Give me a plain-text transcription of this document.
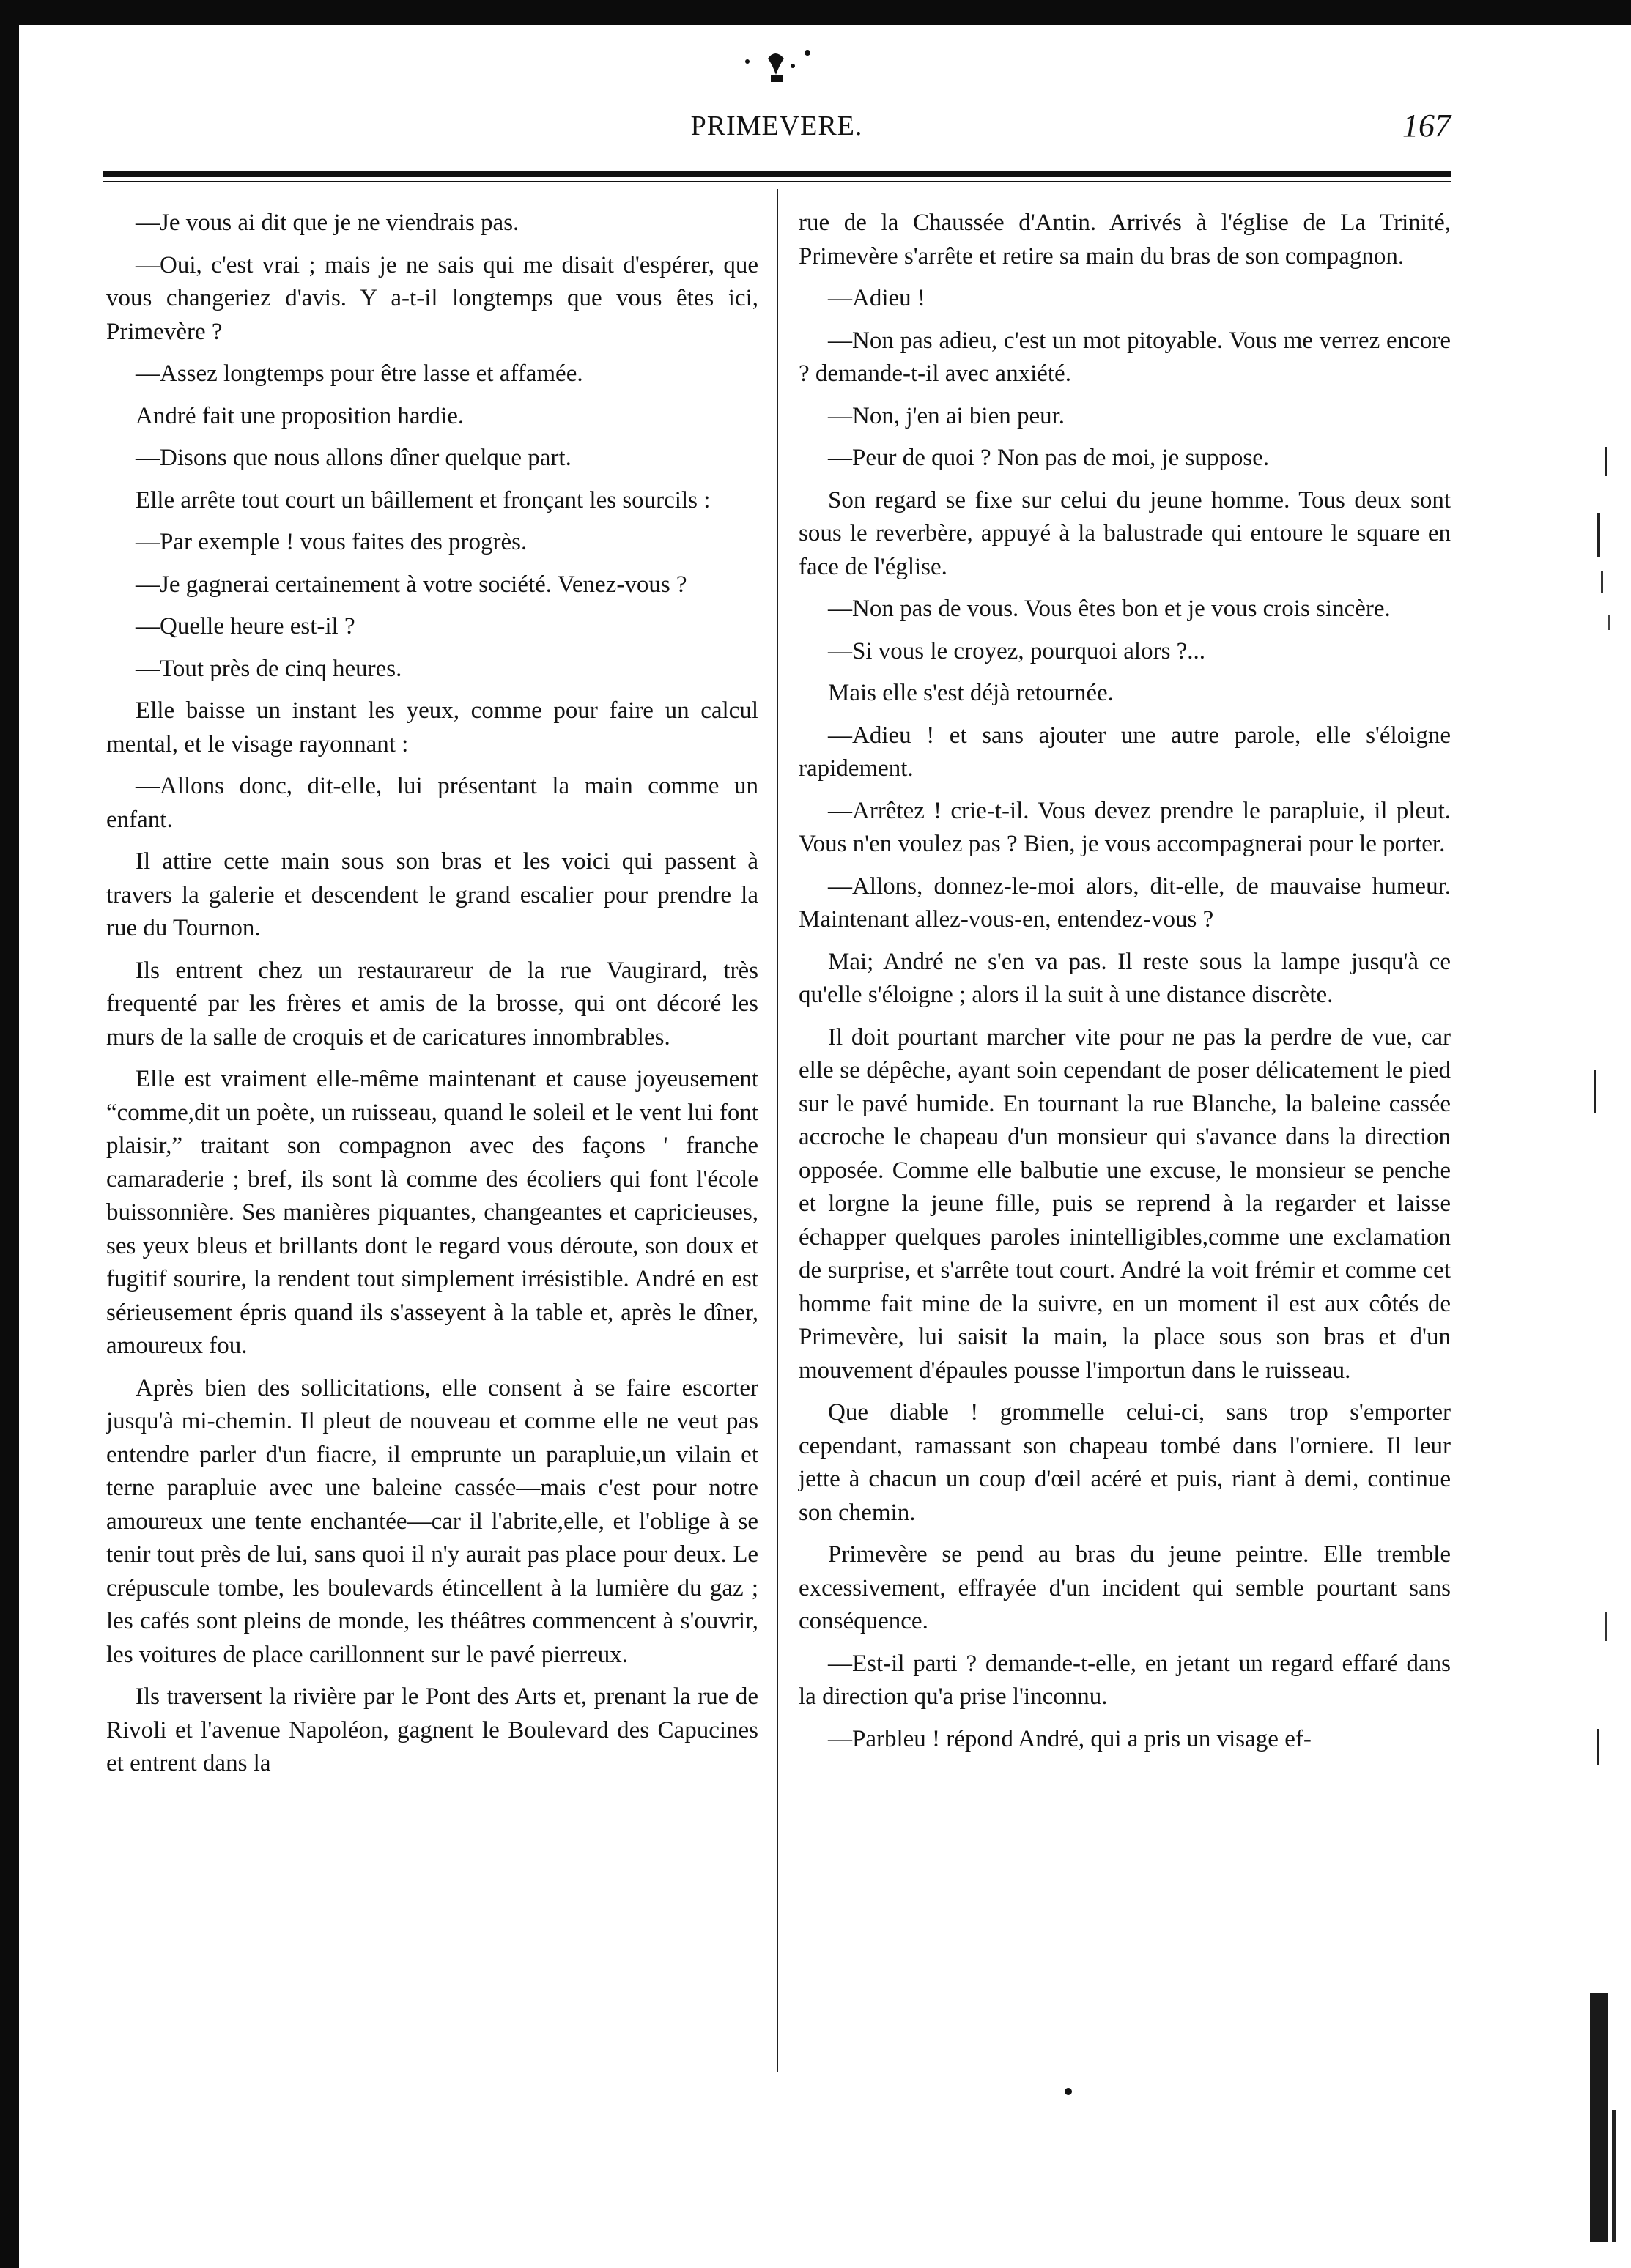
PRIMEVERE.	167

—Je vous ai dit que je ne viendrais pas.

—Oui, c'est vrai ; mais je ne sais qui me disait d'espérer, que vous changeriez d'avis. Y a-t-il longtemps que vous êtes ici, Primevère ?

—Assez longtemps pour être lasse et affamée.

André fait une proposition hardie.

—Disons que nous allons dîner quelque part.

Elle arrête tout court un bâillement et fronçant les sourcils :

—Par exemple ! vous faites des progrès.

—Je gagnerai certainement à votre société. Venez-vous ?

—Quelle heure est-il ?

—Tout près de cinq heures.

Elle baisse un instant les yeux, comme pour faire un calcul mental, et le visage rayonnant :

—Allons donc, dit-elle, lui présentant la main comme un enfant.

Il attire cette main sous son bras et les voici qui passent à travers la galerie et descendent le grand escalier pour prendre la rue du Tournon.

Ils entrent chez un restaurareur de la rue Vaugirard, très frequenté par les frères et amis de la brosse, qui ont décoré les murs de la salle de croquis et de caricatures innombrables.

Elle est vraiment elle-même maintenant et cause joyeusement “comme,dit un poète, un ruisseau, quand le soleil et le vent lui font plaisir,” traitant son compagnon avec des façons ' franche camaraderie ; bref, ils sont là comme des écoliers qui font l'école buissonnière. Ses manières piquantes, changeantes et capricieuses, ses yeux bleus et brillants dont le regard vous déroute, son doux et fugitif sourire, la rendent tout simplement irrésistible. André en est sérieusement épris quand ils s'asseyent à la table et, après le dîner, amoureux fou.

Après bien des sollicitations, elle consent à se faire escorter jusqu'à mi-chemin. Il pleut de nouveau et comme elle ne veut pas entendre parler d'un fiacre, il emprunte un parapluie,un vilain et terne parapluie avec une baleine cassée—mais c'est pour notre amoureux une tente enchantée—car il l'abrite,elle, et l'oblige à se tenir tout près de lui, sans quoi il n'y aurait pas place pour deux. Le crépuscule tombe, les boulevards étincellent à la lumière du gaz ; les cafés sont pleins de monde, les théâtres commencent à s'ouvrir, les voitures de place carillonnent sur le pavé pierreux.

Ils traversent la rivière par le Pont des Arts et, prenant la rue de Rivoli et l'avenue Napoléon, gagnent le Boulevard des Capucines et entrent dans la

rue de la Chaussée d'Antin. Arrivés à l'église de La Trinité, Primevère s'arrête et retire sa main du bras de son compagnon.

—Adieu !

—Non pas adieu, c'est un mot pitoyable. Vous me verrez encore ? demande-t-il avec anxiété.

—Non, j'en ai bien peur.

—Peur de quoi ? Non pas de moi, je suppose.

Son regard se fixe sur celui du jeune homme. Tous deux sont sous le reverbère, appuyé à la balustrade qui entoure le square en face de l'église.

—Non pas de vous. Vous êtes bon et je vous crois sincère.

—Si vous le croyez, pourquoi alors ?...

Mais elle s'est déjà retournée.

—Adieu ! et sans ajouter une autre parole, elle s'éloigne rapidement.

—Arrêtez ! crie-t-il. Vous devez prendre le parapluie, il pleut. Vous n'en voulez pas ? Bien, je vous accompagnerai pour le porter.

—Allons, donnez-le-moi alors, dit-elle, de mauvaise humeur. Maintenant allez-vous-en, entendez-vous ?

Mai; André ne s'en va pas. Il reste sous la lampe jusqu'à ce qu'elle s'éloigne ; alors il la suit à une distance discrète.

Il doit pourtant marcher vite pour ne pas la perdre de vue, car elle se dépêche, ayant soin cependant de poser délicatement le pied sur le pavé humide. En tournant la rue Blanche, la baleine cassée accroche le chapeau d'un monsieur qui s'avance dans la direction opposée. Comme elle balbutie une excuse, le monsieur se penche et lorgne la jeune fille, puis se reprend à la regarder et laisse échapper quelques paroles inintelligibles,comme une exclamation de surprise, et s'arrête tout court. André la voit frémir et comme cet homme fait mine de la suivre, en un moment il est aux côtés de Primevère, lui saisit la main, la place sous son bras et d'un mouvement d'épaules pousse l'importun dans le ruisseau.

Que diable ! grommelle celui-ci, sans trop s'emporter cependant, ramassant son chapeau tombé dans l'orniere. Il leur jette à chacun un coup d'œil acéré et puis, riant à demi, continue son chemin.

Primevère se pend au bras du jeune peintre. Elle tremble excessivement, effrayée d'un incident qui semble pourtant sans conséquence.

—Est-il parti ? demande-t-elle, en jetant un regard effaré dans la direction qu'a prise l'inconnu.

—Parbleu ! répond André, qui a pris un visage ef-
